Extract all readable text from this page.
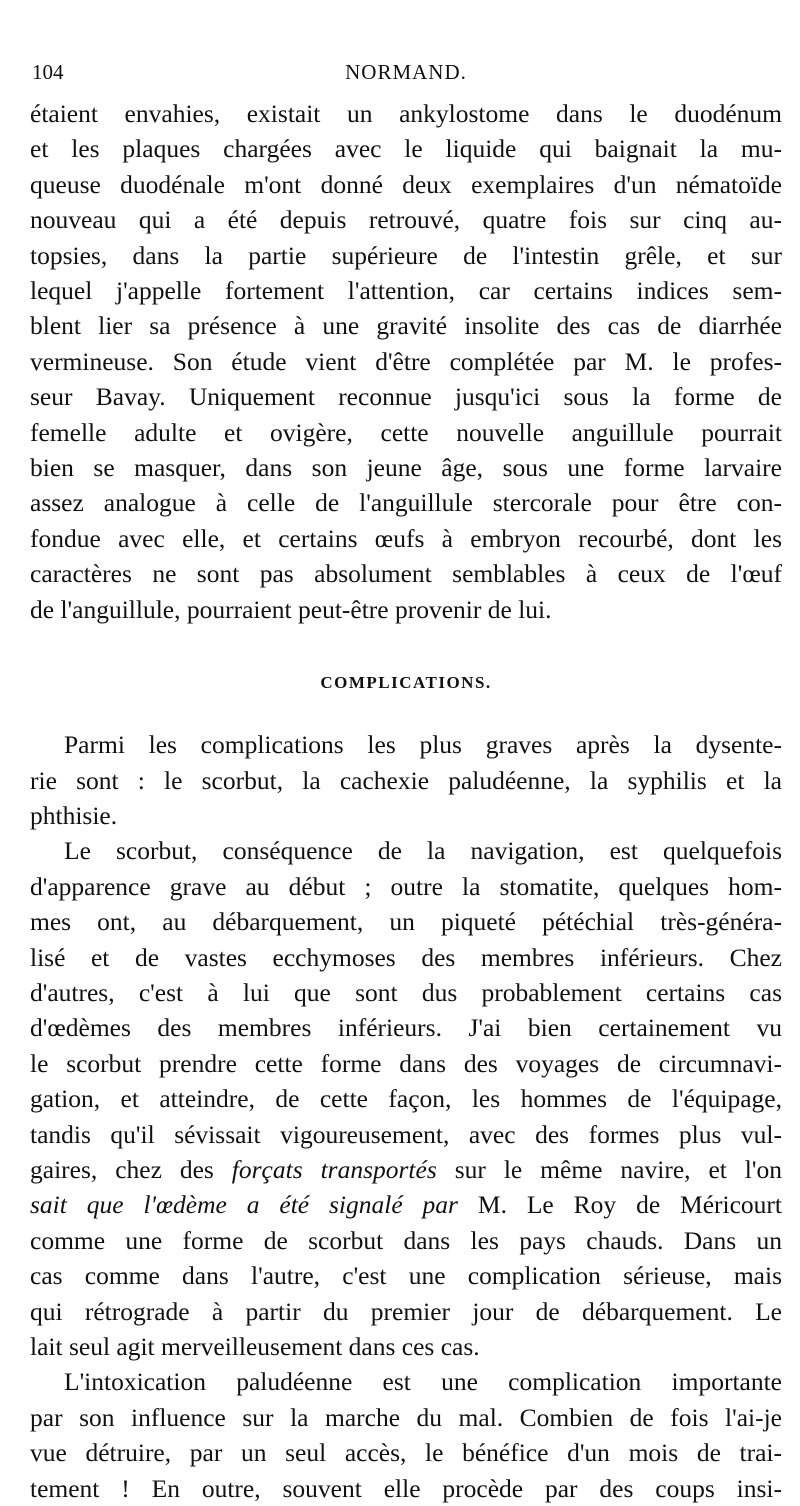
104	NORMAND.
étaient envahies, existait un ankylostome dans le duodénum
et les plaques chargées avec le liquide qui baignait la mu-
queuse duodénale m'ont donné deux exemplaires d'un nématoïde
nouveau qui a été depuis retrouvé, quatre fois sur cinq au-
topsies, dans la partie supérieure de l'intestin grêle, et sur
lequel j'appelle fortement l'attention, car certains indices sem-
blent lier sa présence à une gravité insolite des cas de diarrhée
vermineuse. Son étude vient d'être complétée par M. le profes-
seur Bavay. Uniquement reconnue jusqu'ici sous la forme de
femelle adulte et ovigère, cette nouvelle anguillule pourrait
bien se masquer, dans son jeune âge, sous une forme larvaire
assez analogue à celle de l'anguillule stercorale pour être con-
fondue avec elle, et certains œufs à embryon recourbé, dont les
caractères ne sont pas absolument semblables à ceux de l'œuf
de l'anguillule, pourraient peut-être provenir de lui.
COMPLICATIONS.
Parmi les complications les plus graves après la dysente-
rie sont : le scorbut, la cachexie paludéenne, la syphilis et la
phthisie.
Le scorbut, conséquence de la navigation, est quelquefois
d'apparence grave au début ; outre la stomatite, quelques hom-
mes ont, au débarquement, un piqueté pétéchial très-généra-
lisé et de vastes ecchymoses des membres inférieurs. Chez
d'autres, c'est à lui que sont dus probablement certains cas
d'œdèmes des membres inférieurs. J'ai bien certainement vu
le scorbut prendre cette forme dans des voyages de circumnavi-
gation, et atteindre, de cette façon, les hommes de l'équipage,
tandis qu'il sévissait vigoureusement, avec des formes plus vul-
gaires, chez des forçats transportés sur le même navire, et l'on
sait que l'œdème a été signalé par M. Le Roy de Méricourt
comme une forme de scorbut dans les pays chauds. Dans un
cas comme dans l'autre, c'est une complication sérieuse, mais
qui rétrograde à partir du premier jour de débarquement. Le
lait seul agit merveilleusement dans ces cas.
L'intoxication paludéenne est une complication importante
par son influence sur la marche du mal. Combien de fois l'ai-je
vue détruire, par un seul accès, le bénéfice d'un mois de trai-
tement ! En outre, souvent elle procède par des coups insi-
